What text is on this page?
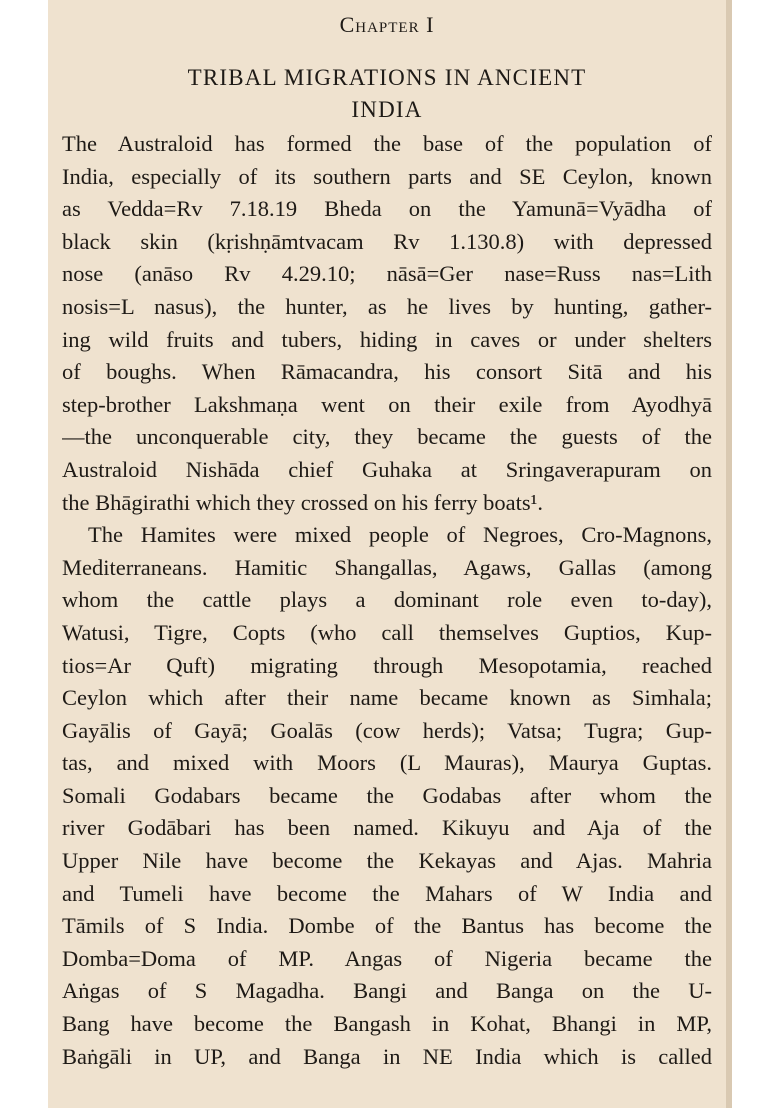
Chapter I
TRIBAL MIGRATIONS IN ANCIENT
INDIA
The Australoid has formed the base of the population of
India, especially of its southern parts and SE Ceylon, known
as Vedda=Rv 7.18.19 Bheda on the Yamunā=Vyādha of
black skin (kṛishṇāmtvacam Rv 1.130.8) with depressed
nose (anāso Rv 4.29.10; nāsā=Ger nase=Russ nas=Lith
nosis=L nasus), the hunter, as he lives by hunting, gather-
ing wild fruits and tubers, hiding in caves or under shelters
of boughs. When Rāmacandra, his consort Sitā and his
step-brother Lakshmaṇa went on their exile from Ayodhyā
—the unconquerable city, they became the guests of the
Australoid Nishāda chief Guhaka at Sringaverapuram on
the Bhāgirathi which they crossed on his ferry boats¹.
The Hamites were mixed people of Negroes, Cro-Magnons,
Mediterraneans. Hamitic Shangallas, Agaws, Gallas (among
whom the cattle plays a dominant role even to-day),
Watusi, Tigre, Copts (who call themselves Guptios, Kup-
tios=Ar Quft) migrating through Mesopotamia, reached
Ceylon which after their name became known as Simhala;
Gayālis of Gayā; Goalās (cow herds); Vatsa; Tugra; Gup-
tas, and mixed with Moors (L Mauras), Maurya Guptas.
Somali Godabars became the Godabas after whom the
river Godābari has been named. Kikuyu and Aja of the
Upper Nile have become the Kekayas and Ajas. Mahria
and Tumeli have become the Mahars of W India and
Tāmils of S India. Dombe of the Bantus has become the
Domba=Doma of MP. Angas of Nigeria became the
Aṅgas of S Magadha. Bangi and Banga on the U-
Bang have become the Bangash in Kohat, Bhangi in MP,
Baṅgāli in UP, and Banga in NE India which is called
